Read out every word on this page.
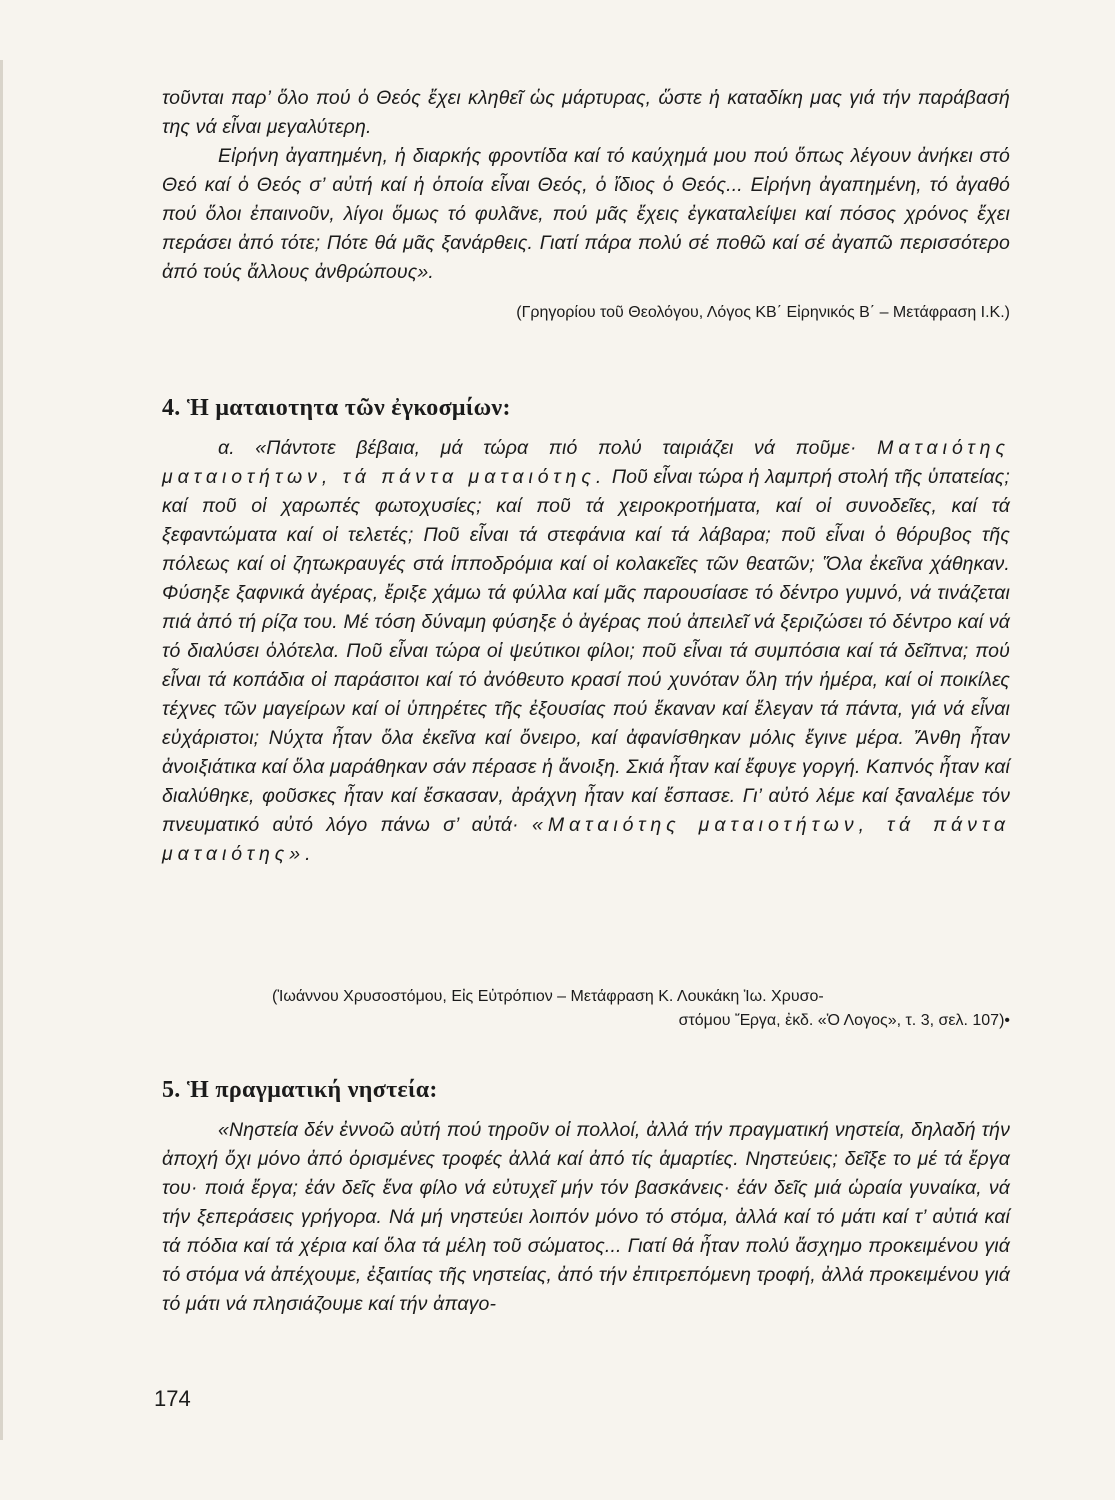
τοῦνται παρ’ ὅλο πού ὁ Θεός ἔχει κληθεῖ ὡς μάρτυρας, ὥστε ἡ καταδίκη μας γιά τήν παράβασή της νά εἶναι μεγαλύτερη.

Εἰρήνη ἀγαπημένη, ἡ διαρκής φροντίδα καί τό καύχημά μου πού ὅπως λέγουν ἀνήκει στό Θεό καί ὁ Θεός σ’ αὐτή καί ἡ ὁποία εἶναι Θεός, ὁ ἴδιος ὁ Θεός... Εἰρήνη ἀγαπημένη, τό ἀγαθό πού ὅλοι ἐπαινοῦν, λίγοι ὅμως τό φυλᾶνε, πού μᾶς ἔχεις ἐγκαταλείψει καί πόσος χρόνος ἔχει περάσει ἀπό τότε; Πότε θά μᾶς ξανάρθεις. Γιατί πάρα πολύ σέ ποθῶ καί σέ ἀγαπῶ περισσότερο ἀπό τούς ἄλλους ἀνθρώπους».

(Γρηγορίου τοῦ Θεολόγου, Λόγος ΚΒ΄ Εἰρηνικός Β΄ – Μετάφραση Ι.Κ.)

4. Ἡ ματαιοτητα τῶν ἐγκοσμίων:

α. «Πάντοτε βέβαια, μά τώρα πιό πολύ ταιριάζει νά ποῦμε· Ματαιότης ματαιοτήτων, τά πάντα ματαιότης. Ποῦ εἶναι τώρα ἡ λαμπρή στολή τῆς ὑπατείας; καί ποῦ οἱ χαρωπές φωτοχυσίες; καί ποῦ τά χειροκροτήματα, καί οἱ συνοδεῖες, καί τά ξεφαντώματα καί οἱ τελετές; Ποῦ εἶναι τά στεφάνια καί τά λάβαρα; ποῦ εἶναι ὁ θόρυβος τῆς πόλεως καί οἱ ζητωκραυγές στά ἱπποδρόμια καί οἱ κολακεῖες τῶν θεατῶν; Ὅλα ἐκεῖνα χάθηκαν. Φύσηξε ξαφνικά ἀγέρας, ἔριξε χάμω τά φύλλα καί μᾶς παρουσίασε τό δέντρο γυμνό, νά τινάζεται πιά ἀπό τή ρίζα του. Μέ τόση δύναμη φύσηξε ὁ ἀγέρας πού ἀπειλεῖ νά ξεριζώσει τό δέντρο καί νά τό διαλύσει ὁλότελα. Ποῦ εἶναι τώρα οἱ ψεύτικοι φίλοι; ποῦ εἶναι τά συμπόσια καί τά δεῖπνα; πού εἶναι τά κοπάδια οἱ παράσιτοι καί τό ἀνόθευτο κρασί πού χυνόταν ὅλη τήν ἡμέρα, καί οἱ ποικίλες τέχνες τῶν μαγείρων καί οἱ ὑπηρέτες τῆς ἐξουσίας πού ἔκαναν καί ἔλεγαν τά πάντα, γιά νά εἶναι εὐχάριστοι; Νύχτα ἦταν ὅλα ἐκεῖνα καί ὄνειρο, καί ἀφανίσθηκαν μόλις ἔγινε μέρα. Ἄνθη ἦταν ἀνοιξιάτικα καί ὅλα μαράθηκαν σάν πέρασε ἡ ἄνοιξη. Σκιά ἦταν καί ἔφυγε γοργή. Καπνός ἦταν καί διαλύθηκε, φοῦσκες ἦταν καί ἔσκασαν, ἀράχνη ἦταν καί ἔσπασε. Γι’ αὐτό λέμε καί ξαναλέμε τόν πνευματικό αὐτό λόγο πάνω σ’ αὐτά· «Ματαιότης ματαιοτήτων, τά πάντα ματαιότης».

(Ἰωάννου Χρυσοστόμου, Εἰς Εὐτρόπιον – Μετάφραση Κ. Λουκάκη Ἰω. Χρυσο-

στόμου Ἔργα, ἐκδ. «Ὁ Λογος», τ. 3, σελ. 107)•

5. Ἡ πραγματική νηστεία:

«Νηστεία δέν ἐννοῶ αὐτή πού τηροῦν οἱ πολλοί, ἀλλά τήν πραγματική νηστεία, δηλαδή τήν ἀποχή ὄχι μόνο ἀπό ὁρισμένες τροφές ἀλλά καί ἀπό τίς ἁμαρτίες. Νηστεύεις; δεῖξε το μέ τά ἔργα του· ποιά ἔργα; ἐάν δεῖς ἕνα φίλο νά εὐτυχεῖ μήν τόν βασκάνεις· ἐάν δεῖς μιά ὡραία γυναίκα, νά τήν ξεπεράσεις γρήγορα. Νά μή νηστεύει λοιπόν μόνο τό στόμα, ἀλλά καί τό μάτι καί τ’ αὐτιά καί τά πόδια καί τά χέρια καί ὅλα τά μέλη τοῦ σώματος... Γιατί θά ἦταν πολύ ἄσχημο προκειμένου γιά τό στόμα νά ἀπέχουμε, ἐξαιτίας τῆς νηστείας, ἀπό τήν ἐπιτρεπόμενη τροφή, ἀλλά προκειμένου γιά τό μάτι νά πλησιάζουμε καί τήν ἀπαγο-

174
